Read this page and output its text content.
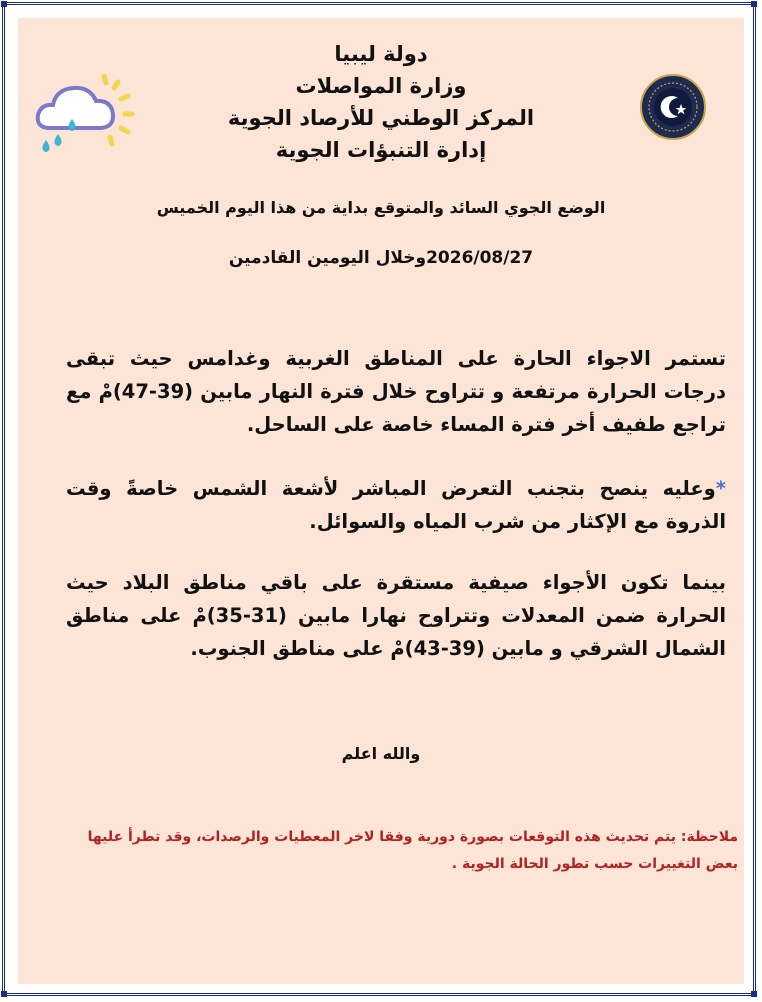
دولة ليبيا
وزارة المواصلات
المركز الوطني للأرصاد الجوية
إدارة التنبؤات الجوية
الوضع الجوي السائد والمتوقع بداية من هذا اليوم الخميس
2026/08/27وخلال اليومين القادمين
تستمر الاجواء الحارة على المناطق الغربية وغدامس حيث تبقى درجات الحرارة مرتفعة و تتراوح خلال فترة النهار مابين (39-47)مْ مع تراجع طفيف أخر فترة المساء خاصة على الساحل.
*وعليه ينصح بتجنب التعرض المباشر لأشعة الشمس خاصةً وقت الذروة مع الإكثار من شرب المياه والسوائل.
بينما تكون الأجواء صيفية مستقرة على باقي مناطق البلاد حيث الحرارة ضمن المعدلات وتتراوح نهارا مابين (31-35)مْ على مناطق الشمال الشرقي و مابين (39-43)مْ على مناطق الجنوب.
والله اعلم
ملاحظة: يتم تحديث هذه التوقعات بصورة دورية وفقا لاخر المعطيات والرصدات، وقد تطرأ عليها بعض التغييرات حسب تطور الحالة الجوية .
